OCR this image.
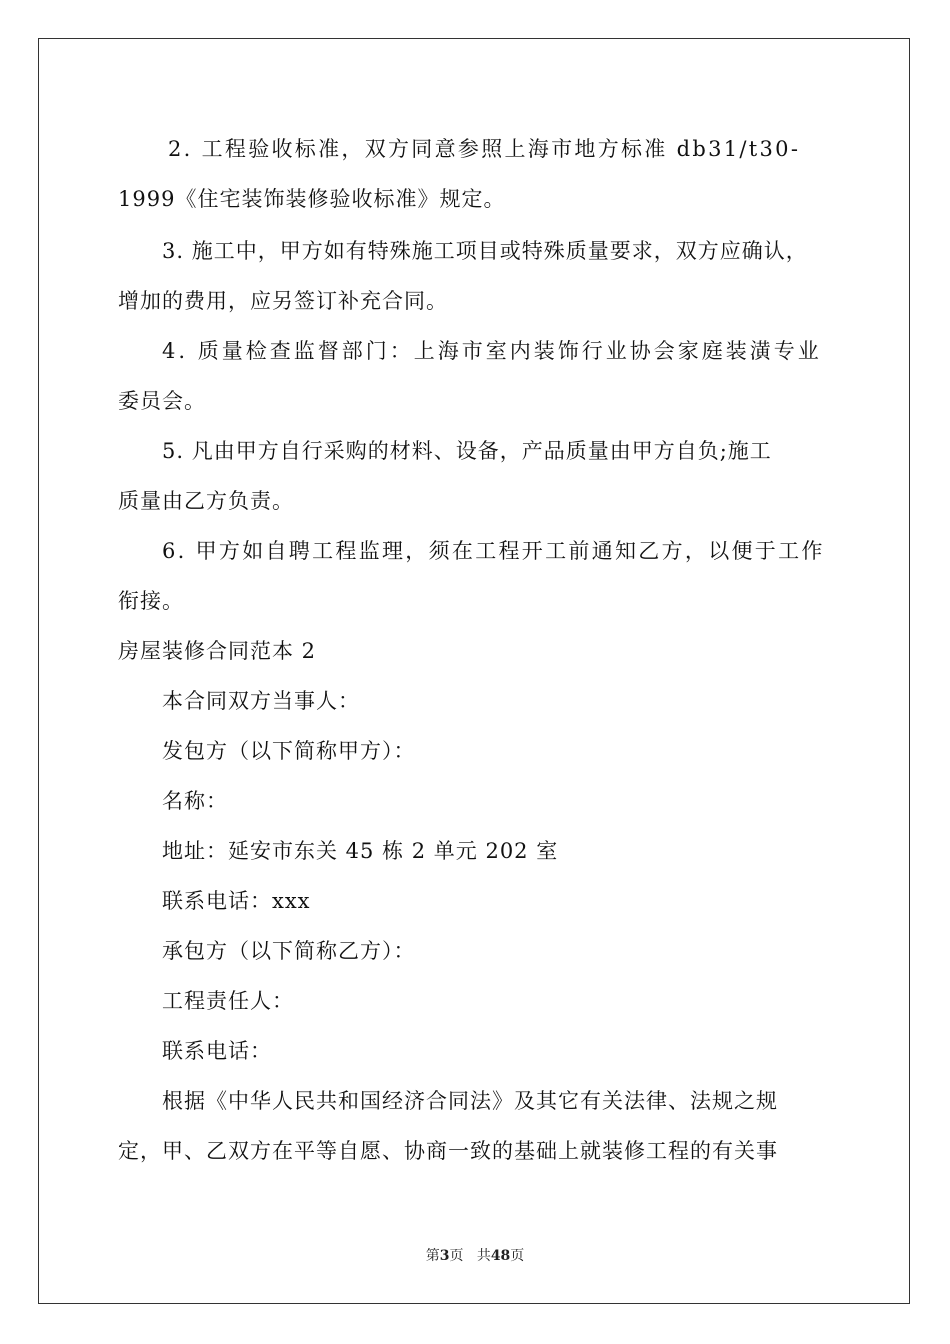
2. 工程验收标准，双方同意参照上海市地方标准 db31/t30-
1999《住宅装饰装修验收标准》规定。
3. 施工中，甲方如有特殊施工项目或特殊质量要求，双方应确认，
增加的费用，应另签订补充合同。
4. 质量检查监督部门：上海市室内装饰行业协会家庭装潢专业
委员会。
5. 凡由甲方自行采购的材料、设备，产品质量由甲方自负;施工
质量由乙方负责。
6. 甲方如自聘工程监理，须在工程开工前通知乙方，以便于工作
衔接。
房屋装修合同范本 2
本合同双方当事人：
发包方（以下简称甲方）：
名称：
地址：延安市东关 45 栋 2 单元 202 室
联系电话：xxx
承包方（以下简称乙方）：
工程责任人：
联系电话：
根据《中华人民共和国经济合同法》及其它有关法律、法规之规
定，甲、乙双方在平等自愿、协商一致的基础上就装修工程的有关事
第3页 共48页
